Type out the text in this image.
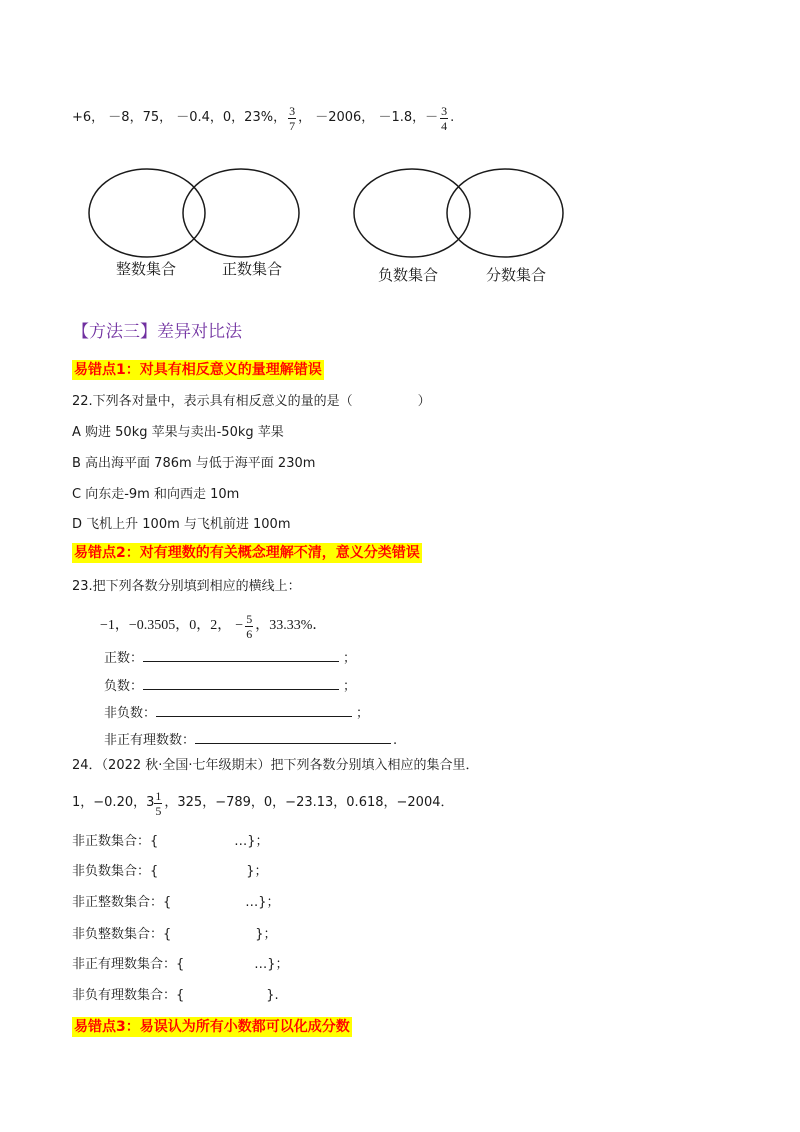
+6， －8，75， －0.4，0，23%， $\frac{3}{7}$ ， －2006， －1.8，－ $\frac{3}{4}$ .
整数集合	正数集合	负数集合	分数集合
【方法三】差异对比法
易错点1：对具有相反意义的量理解错误
22.下列各对量中，表示具有相反意义的量的是（　　　　　）
A 购进 50kg 苹果与卖出-50kg 苹果
B 高出海平面 786m 与低于海平面 230m
C 向东走-9m 和向西走 10m
D 飞机上升 100m 与飞机前进 100m
易错点2：对有理数的有关概念理解不清，意义分类错误
23.把下列各数分别填到相应的横线上：
−1，−0.3505，0，2， − $\frac{5}{6}$ ，33.33%．
正数：	；
负数：	；
非负数：	；
非正有理数数：	.
24．（2022 秋·全国·七年级期末）把下列各数分别填入相应的集合里．
1，−0.20，$3 \frac{1}{5}$ ，325，−789，0，−23.13，0.618，−2004．
非正数集合：{	…}；
非负数集合：{	}；
非正整数集合：{	…}；
非负整数集合：{	}；
非正有理数集合：{	…}；
非负有理数集合：{	}.
易错点3：易误认为所有小数都可以化成分数
